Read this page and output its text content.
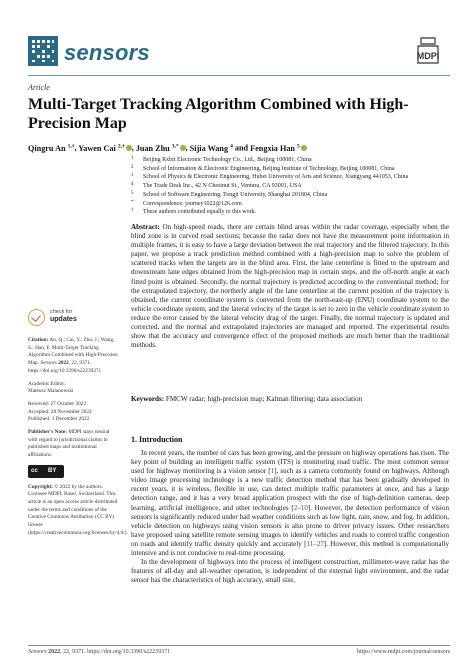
sensors	MDPI
Article
Multi-Target Tracking Algorithm Combined with High-Precision Map
Qingru An $^{1,\dagger}$, Yawen Cai $^{2,\dagger}$ , Juan Zhu $^{3,*}$ , Sijia Wang $^4$ and Fengxia Han $^5$
1 Beijing Rxbit Electronic Technology Co., Ltd., Beijing 100081, China
2 School of Information & Electronic Engineering, Beijing Institute of Technology, Beijing 100081, China
3 School of Physics & Electronic Engineering, Hubei University of Arts and Science, Xiangyang 441053, China
4 The Trade Desk Inc., 42 N Chestnut St., Ventura, CA 93001, USA
5 School of Software Engineering, Tongji University, Shanghai 201804, China
* Correspondence: journey1022@126.com
† These authors contributed equally to this work.
Abstract: On high-speed roads, there are certain blind areas within the radar coverage, especially when the blind zone is in curved road sections; because the radar does not have the measurement point information in multiple frames, it is easy to have a large deviation between the real trajectory and the filtered trajectory. In this paper, we propose a track prediction method combined with a high-precision map to solve the problem of scattered tracks when the targets are in the blind area. First, the lane centerline is fitted to the upstream and downstream lane edges obtained from the high-precision map in certain steps, and the off-north angle at each fitted point is obtained. Secondly, the normal trajectory is predicted according to the conventional method; for the extrapolated trajectory, the northerly angle of the lane centerline at the current position of the trajectory is obtained, the current coordinate system is converted from the north-east-up (ENU) coordinate system to the vehicle coordinate system, and the lateral velocity of the target is set to zero in the vehicle coordinate system to reduce the error caused by the lateral velocity drag of the target. Finally, the normal trajectory is updated and corrected, and the normal and extrapolated trajectories are managed and reported. The experimental results show that the accuracy and convergence effect of the proposed methods are much better than the traditional methods.
Keywords: FMCW radar; high-precision map; Kalman filtering; data association
check for
updates

Citation: An, Q.; Cai, Y.; Zhu, J.; Wang, S.; Han, F. Multi-Target Tracking Algorithm Combined with High-Precision Map. Sensors 2022, 22, 9371. https://doi.org/10.3390/s22239371

Academic Editor:
Mateusz Malanowski

Received: 27 October 2022
Accepted: 28 November 2022
Published: 1 December 2022

Publisher's Note: MDPI stays neutral with regard to jurisdictional claims in published maps and institutional affiliations.

cc BY

Copyright: © 2022 by the authors. Licensee MDPI, Basel, Switzerland. This article is an open access article distributed under the terms and conditions of the Creative Commons Attribution (CC BY) license (https://creativecommons.org/licenses/by/4.0/).

1. Introduction

In recent years, the number of cars has been growing, and the pressure on highway operations has risen. The key point of building an intelligent traffic system (ITS) is monitoring road traffic. The most common sensor used for highway monitoring is a vision sensor [1], such as a camera commonly found on highways. Although video image processing technology is a new traffic detection method that has been gradually developed in recent years, it is wireless, flexible in use, can detect multiple traffic parameters at once, and has a large detection range, and it has a very broad application prospect with the rise of high-definition cameras, deep learning, artificial intelligence, and other technologies [2–10]. However, the detection performance of vision sensors is significantly reduced under bad weather conditions such as low light, rain, snow, and fog. In addition, vehicle detection on highways using vision sensors is also prone to driver privacy issues. Other researchers have proposed using satellite remote sensing images to identify vehicles and roads to control traffic congestion on roads and identify traffic density quickly and accurately [11–27]. However, this method is computationally intensive and is not conducive to real-time processing.

In the development of highways into the process of intelligent construction, millimeter-wave radar has the features of all-day and all-weather operation, is independent of the external light environment, and the radar sensor has the characteristics of high accuracy, small size,

Sensors 2022, 22, 9371. https://doi.org/10.3390/s22239371	https://www.mdpi.com/journal/sensors
